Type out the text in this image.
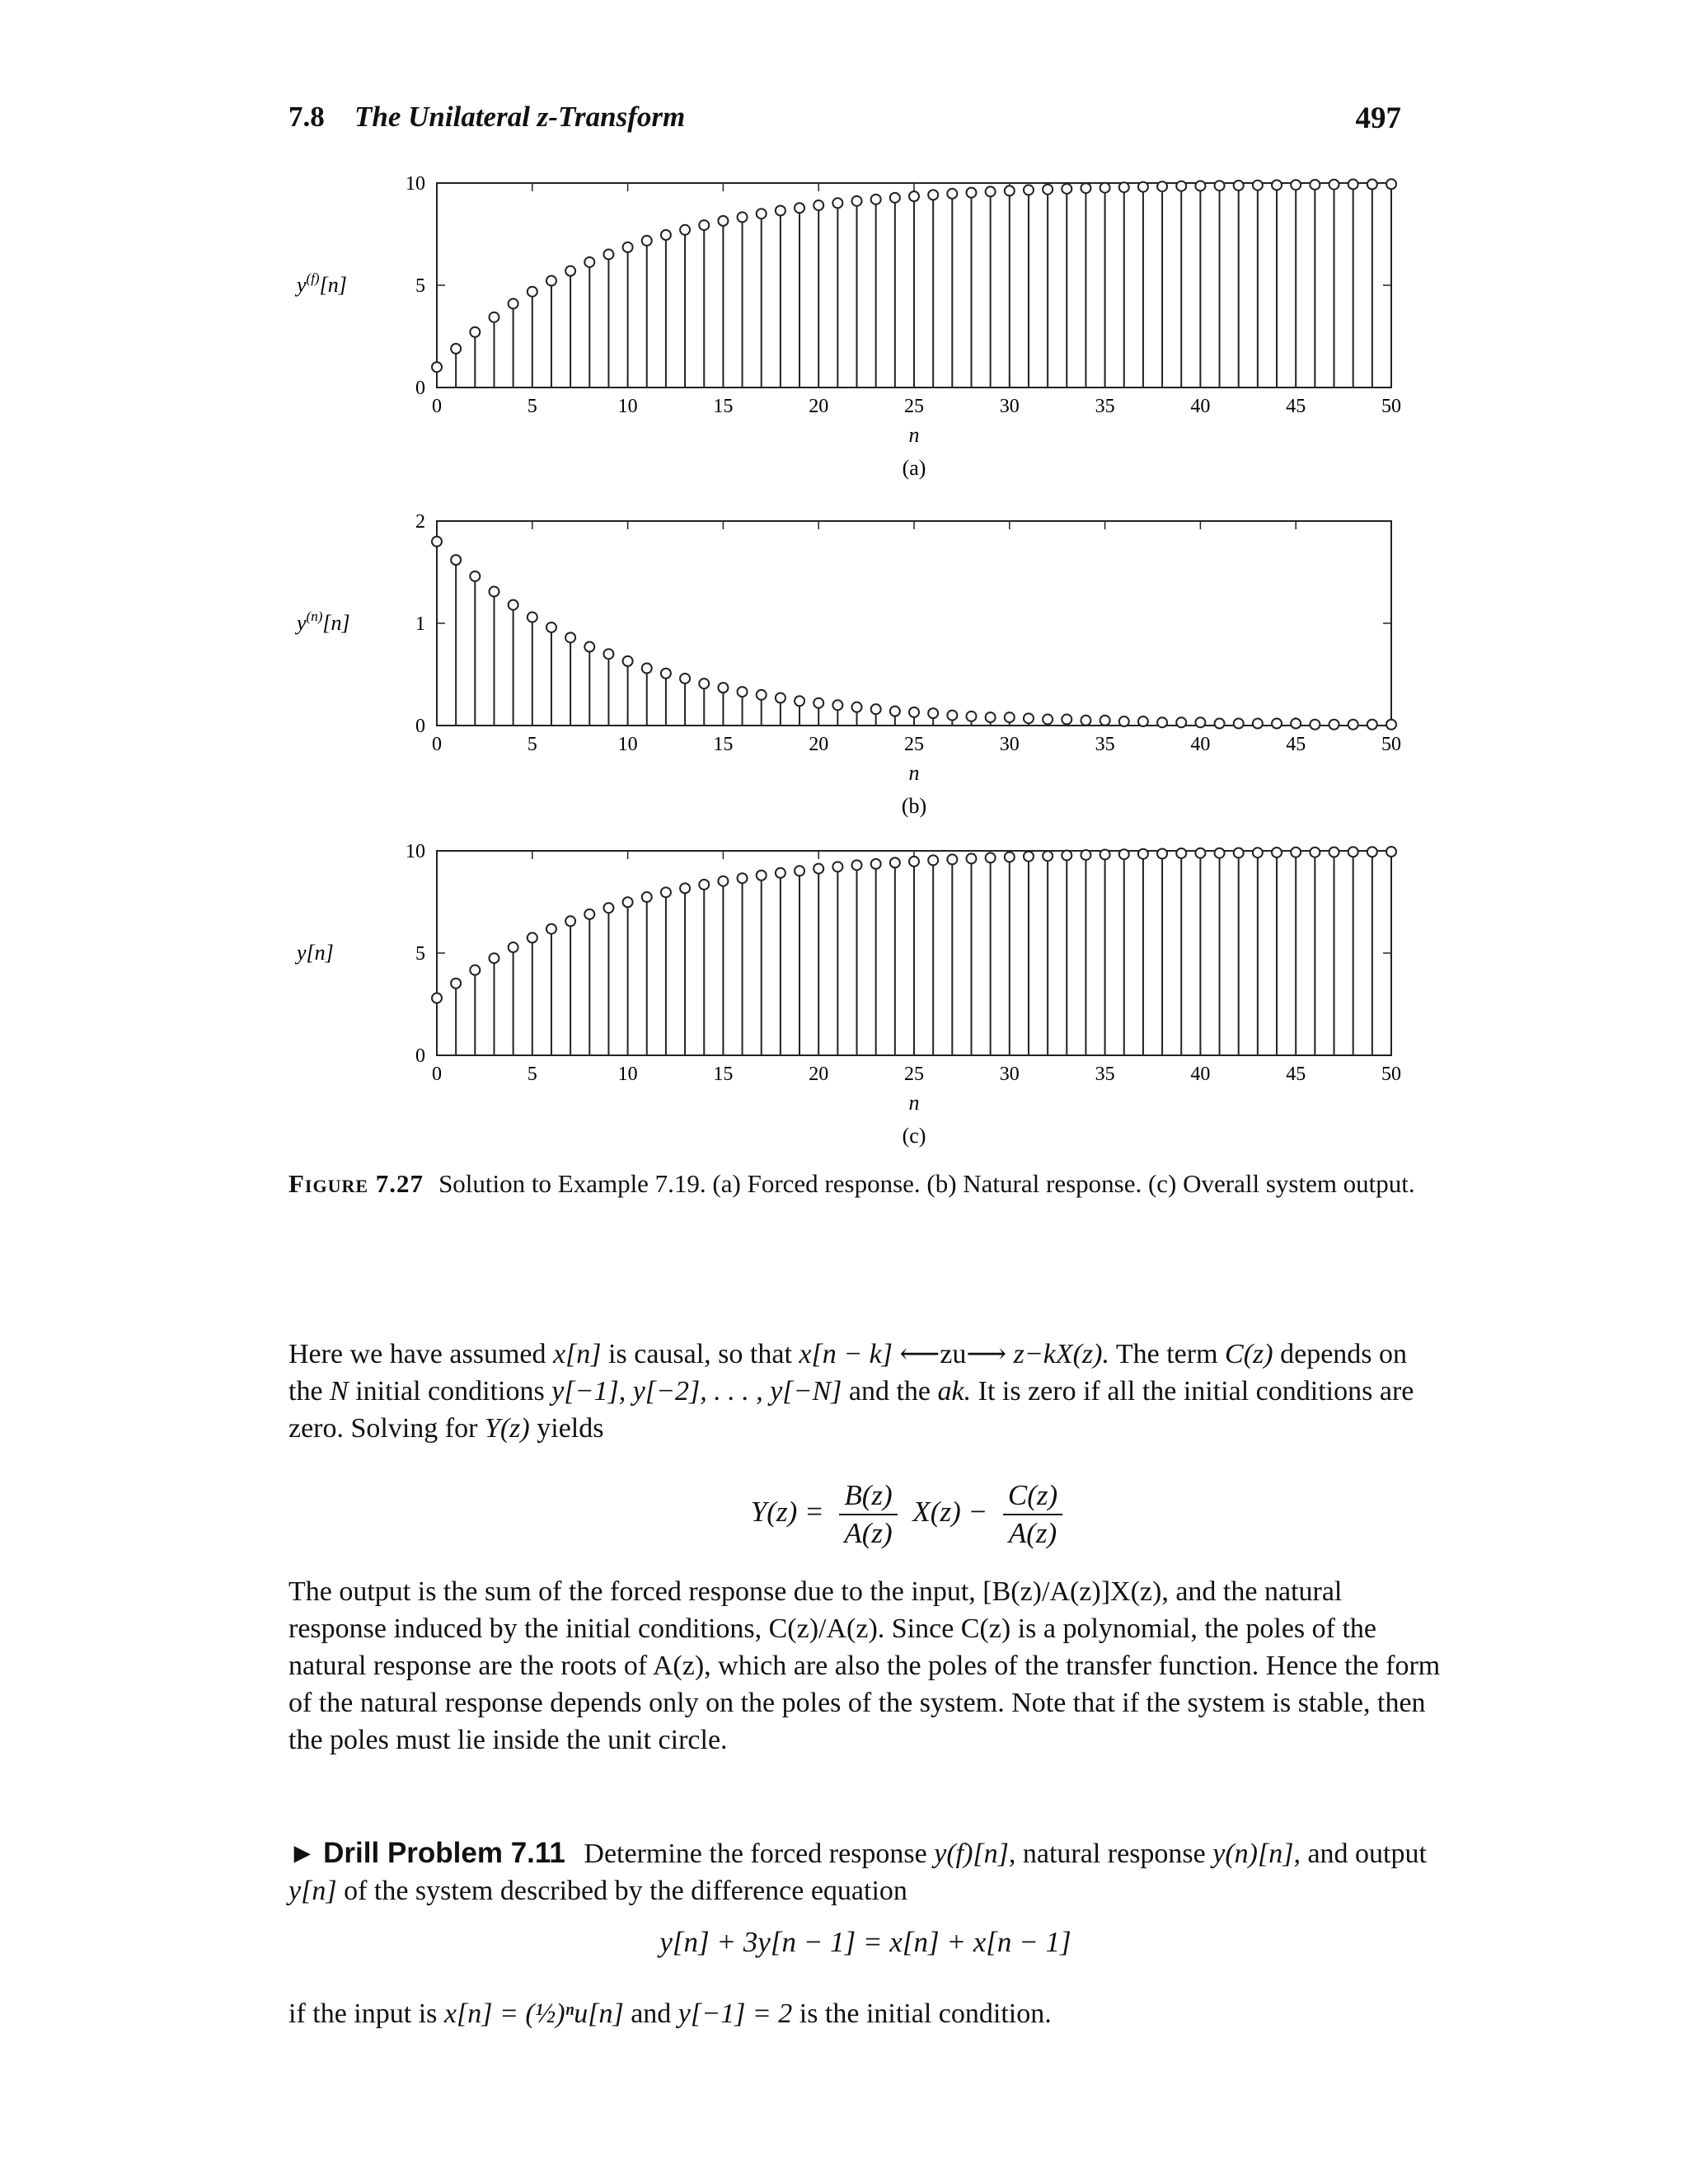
7.8 The Unilateral z-Transform	497
0	5	10	15	20	25	30	35	40	45	50
0
5
10
$y^{(f)}[n]$
n
(a)
0	5	10	15	20	25	30	35	40	45	50
0
1
2
$y^{(n)}[n]$
n
(b)
0	5	10	15	20	25	30	35	40	45	50
0
5
10
y[n]
n
(c)
Figure 7.27 Solution to Example 7.19. (a) Forced response. (b) Natural response. (c) Overall system output.
Here we have assumed x[n] is causal, so that x[n − k] ⟵zu⟶ z−kX(z). The term C(z) depends on the N initial conditions y[−1], y[−2], . . . , y[−N] and the ak. It is zero if all the initial conditions are zero. Solving for Y(z) yields
$Y(z) = \frac{B(z)}{A(z)} X(z) - \frac{C(z)}{A(z)}$
The output is the sum of the forced response due to the input, [B(z)/A(z)]X(z), and the natural response induced by the initial conditions, C(z)/A(z). Since C(z) is a polynomial, the poles of the natural response are the roots of A(z), which are also the poles of the transfer function. Hence the form of the natural response depends only on the poles of the system. Note that if the system is stable, then the poles must lie inside the unit circle.
► Drill Problem 7.11 Determine the forced response y(f)[n], natural response y(n)[n], and output y[n] of the system described by the difference equation
y[n] + 3y[n − 1] = x[n] + x[n − 1]
if the input is x[n] = (½)ⁿu[n] and y[−1] = 2 is the initial condition.
